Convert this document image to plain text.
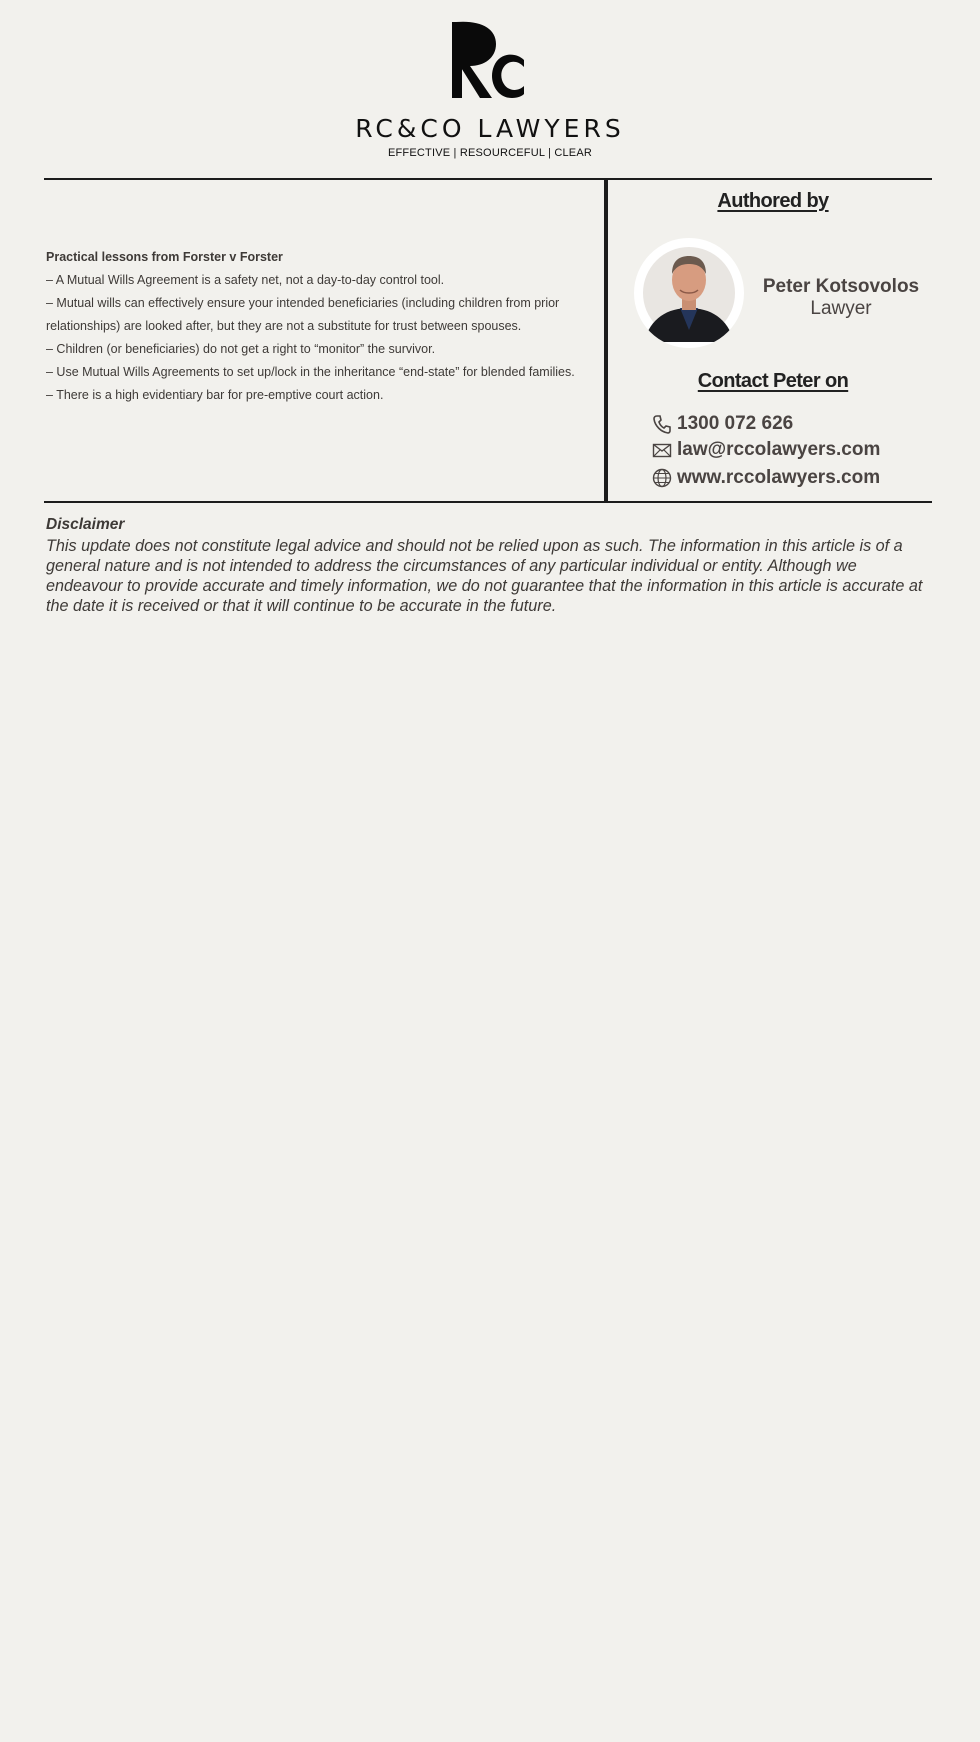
RC&CO LAWYERS
EFFECTIVE | RESOURCEFUL | CLEAR

Practical lessons from Forster v Forster

– A Mutual Wills Agreement is a safety net, not a day-to-day control tool.

– Mutual wills can effectively ensure your intended beneficiaries (including children from prior relationships) are looked after, but they are not a substitute for trust between spouses.

– Children (or beneficiaries) do not get a right to “monitor” the survivor.

– Use Mutual Wills Agreements to set up/lock in the inheritance “end-state” for blended families.

– There is a high evidentiary bar for pre-emptive court action.

Authored by
Peter Kotsovolos
Lawyer
Contact Peter on
1300 072 626
law@rccolawyers.com
www.rccolawyers.com
Disclaimer

This update does not constitute legal advice and should not be relied upon as such. The information in this article is of a general nature and is not intended to address the circumstances of any particular individual or entity. Although we endeavour to provide accurate and timely information, we do not guarantee that the information in this article is accurate at the date it is received or that it will continue to be accurate in the future.
